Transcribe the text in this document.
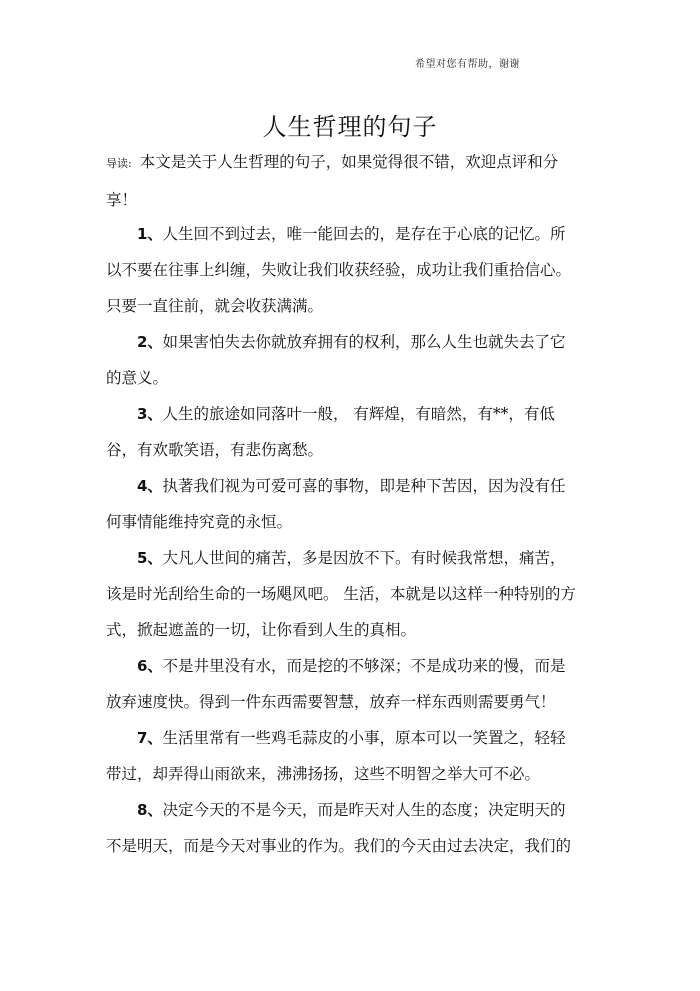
希望对您有帮助，谢谢
人生哲理的句子
导读: 本文是关于人生哲理的句子，如果觉得很不错，欢迎点评和分享！

1、人生回不到过去，唯一能回去的，是存在于心底的记忆。所以不要在往事上纠缠，失败让我们收获经验，成功让我们重拾信心。只要一直往前，就会收获满满。

2、如果害怕失去你就放弃拥有的权利，那么人生也就失去了它的意义。

3、人生的旅途如同落叶一般， 有辉煌，有暗然，有**，有低谷，有欢歌笑语，有悲伤离愁。

4、执著我们视为可爱可喜的事物，即是种下苦因，因为没有任何事情能维持究竟的永恒。

5、大凡人世间的痛苦，多是因放不下。有时候我常想，痛苦，该是时光刮给生命的一场飓风吧。 生活，本就是以这样一种特别的方式，掀起遮盖的一切，让你看到人生的真相。

6、不是井里没有水，而是挖的不够深；不是成功来的慢，而是放弃速度快。得到一件东西需要智慧，放弃一样东西则需要勇气！

7、生活里常有一些鸡毛蒜皮的小事，原本可以一笑置之，轻轻带过，却弄得山雨欲来，沸沸扬扬，这些不明智之举大可不必。

8、决定今天的不是今天，而是昨天对人生的态度；决定明天的不是明天，而是今天对事业的作为。我们的今天由过去决定，我们的
